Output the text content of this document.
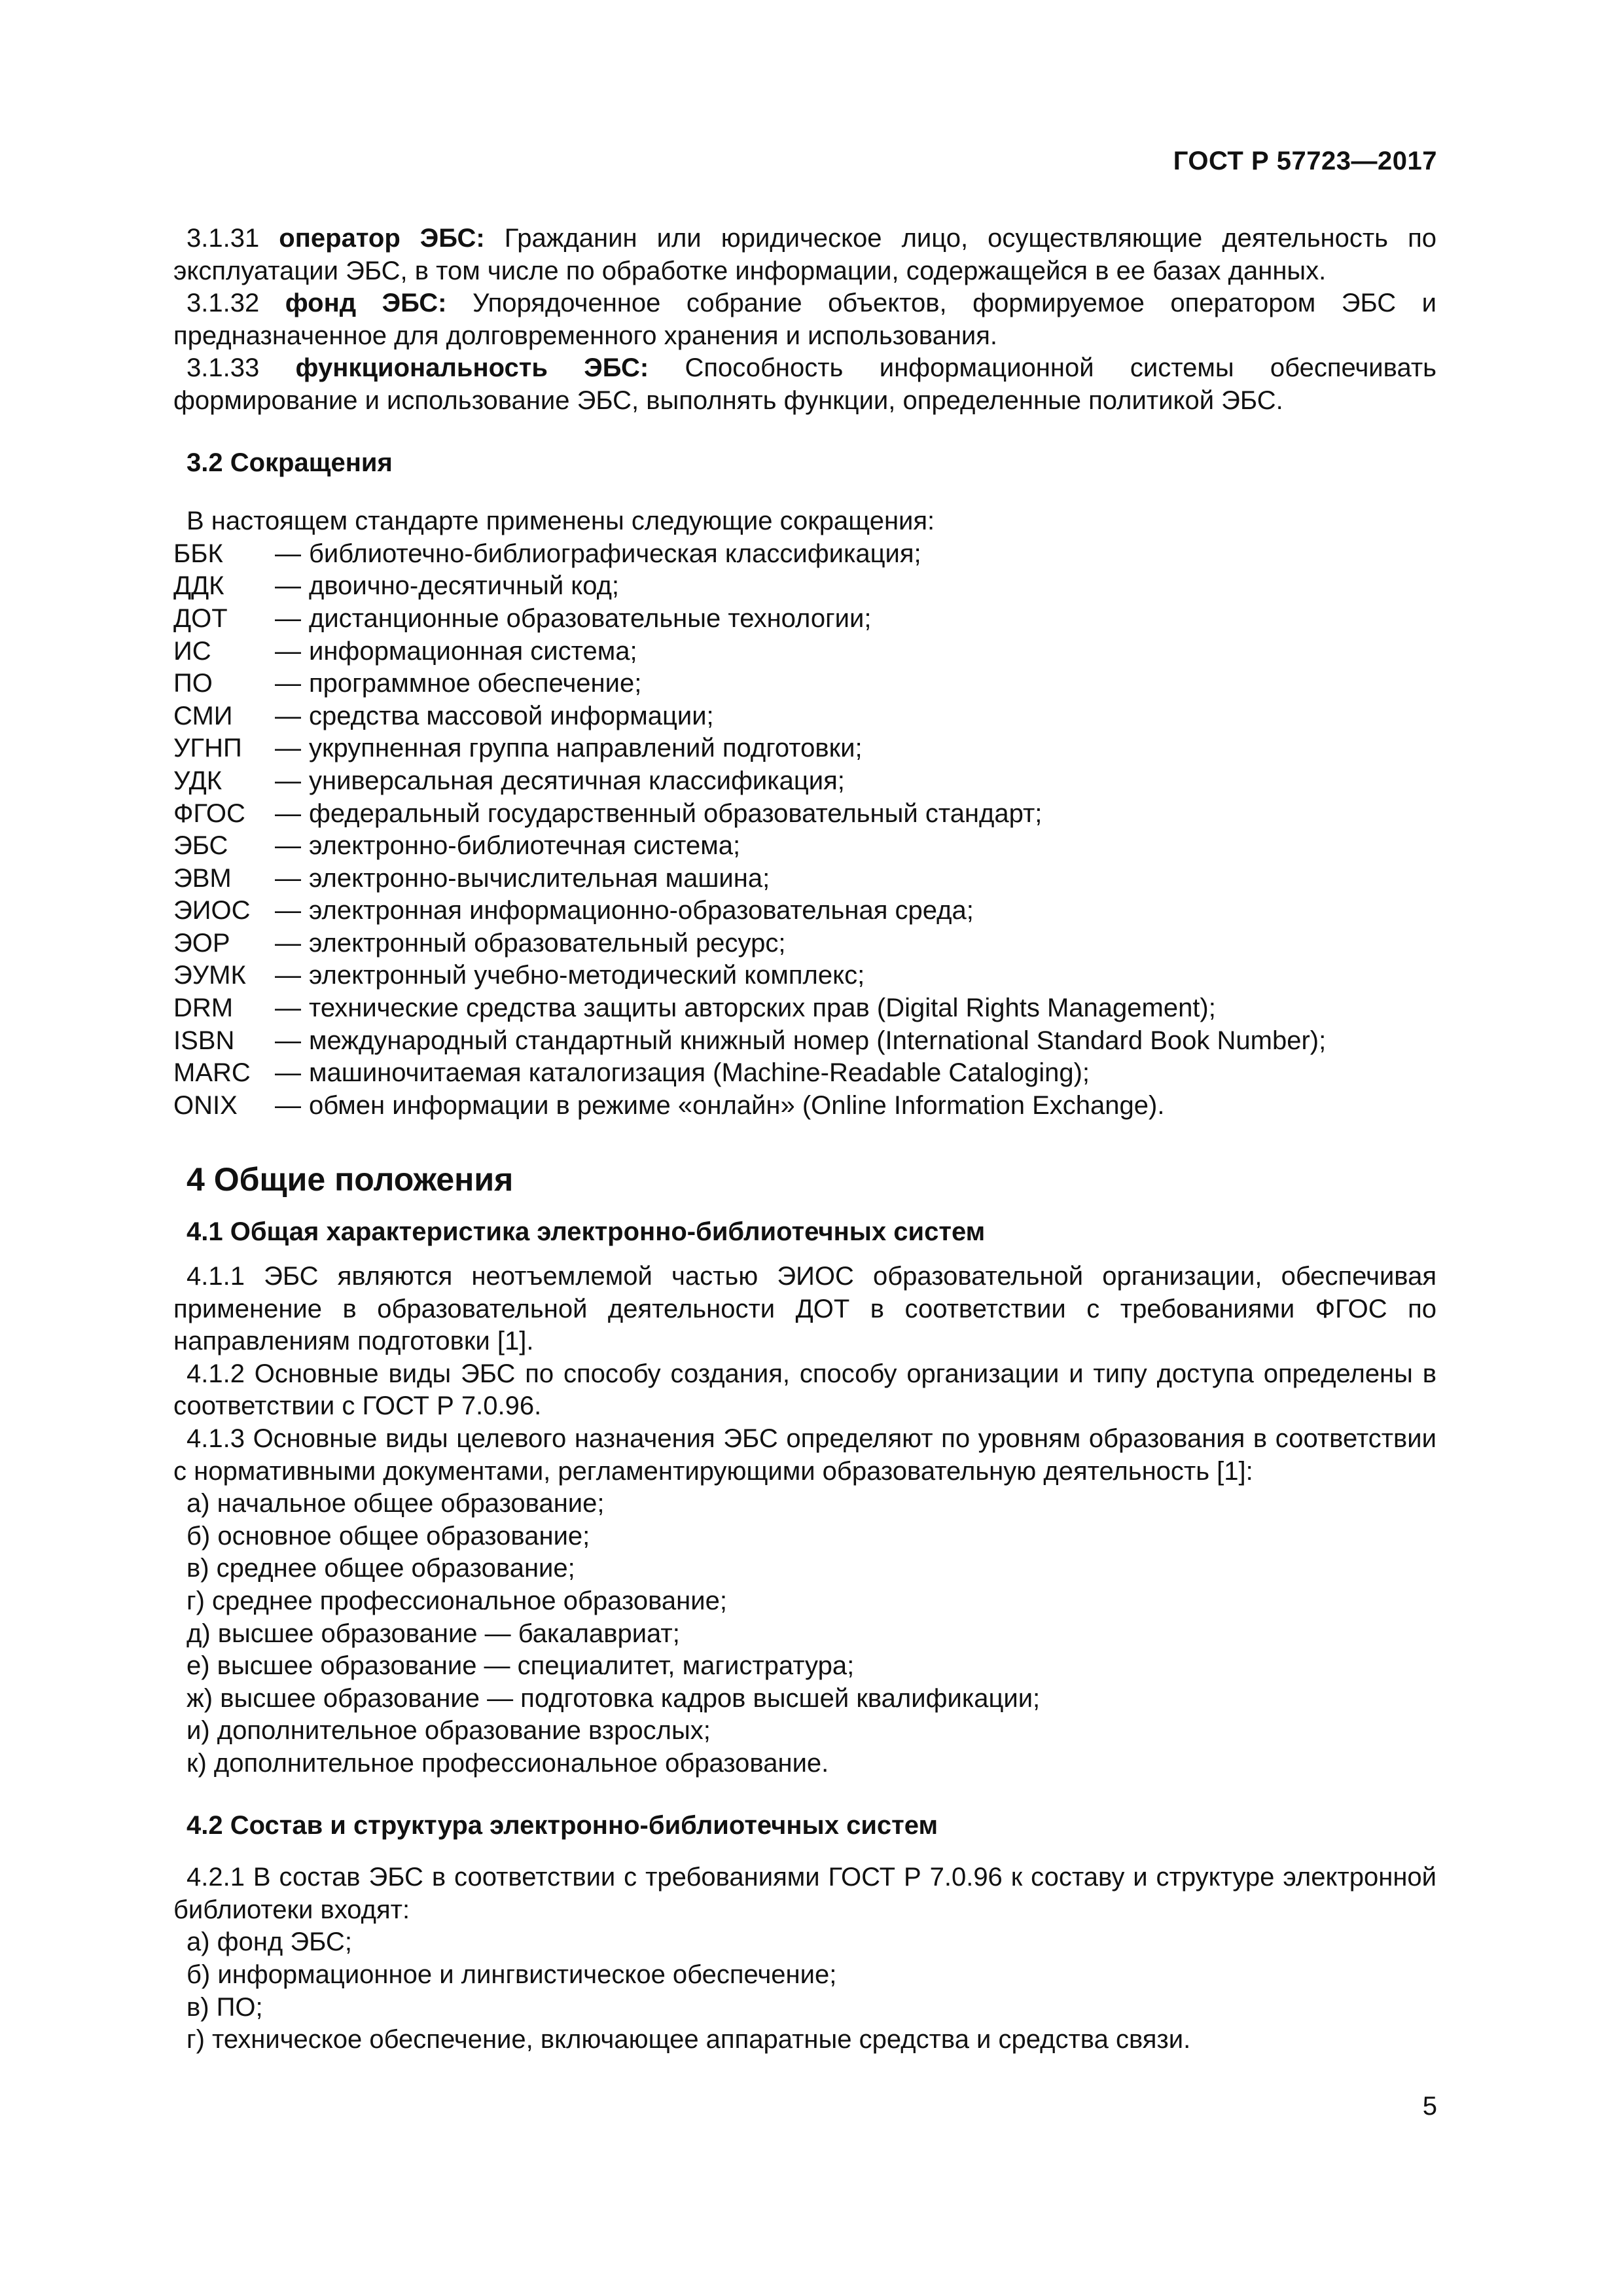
ГОСТ Р 57723—2017

3.1.31 оператор ЭБС: Гражданин или юридическое лицо, осуществляющие деятельность по эксплуатации ЭБС, в том числе по обработке информации, содержащейся в ее базах данных.

3.1.32 фонд ЭБС: Упорядоченное собрание объектов, формируемое оператором ЭБС и предназначенное для долговременного хранения и использования.

3.1.33 функциональность ЭБС: Способность информационной системы обеспечивать формирование и использование ЭБС, выполнять функции, определенные политикой ЭБС.

3.2 Сокращения

В настоящем стандарте применены следующие сокращения:

ББК	— библиотечно-библиографическая классификация;
ДДК	— двоично-десятичный код;
ДОТ	— дистанционные образовательные технологии;
ИС	— информационная система;
ПО	— программное обеспечение;
СМИ	— средства массовой информации;
УГНП	— укрупненная группа направлений подготовки;
УДК	— универсальная десятичная классификация;
ФГОС	— федеральный государственный образовательный стандарт;
ЭБС	— электронно-библиотечная система;
ЭВМ	— электронно-вычислительная машина;
ЭИОС — электронная информационно-образовательная среда;
ЭОР	— электронный образовательный ресурс;
ЭУМК	— электронный учебно-методический комплекс;
DRM	— технические средства защиты авторских прав (Digital Rights Management);
ISBN	— международный стандартный книжный номер (International Standard Book Number);
MARC — машиночитаемая каталогизация (Machine-Readable Cataloging);
ONIX	— обмен информации в режиме «онлайн» (Online Information Exchange).
4 Общие положения
4.1 Общая характеристика электронно-библиотечных систем

4.1.1 ЭБС являются неотъемлемой частью ЭИОС образовательной организации, обеспечивая применение в образовательной деятельности ДОТ в соответствии с требованиями ФГОС по направлениям подготовки [1].

4.1.2 Основные виды ЭБС по способу создания, способу организации и типу доступа определены в соответствии с ГОСТ Р 7.0.96.

4.1.3 Основные виды целевого назначения ЭБС определяют по уровням образования в соответствии с нормативными документами, регламентирующими образовательную деятельность [1]:

а) начальное общее образование;

б) основное общее образование;

в) среднее общее образование;

г) среднее профессиональное образование;

д) высшее образование — бакалавриат;

е) высшее образование — специалитет, магистратура;

ж) высшее образование — подготовка кадров высшей квалификации;

и) дополнительное образование взрослых;

к) дополнительное профессиональное образование.

4.2 Состав и структура электронно-библиотечных систем

4.2.1 В состав ЭБС в соответствии с требованиями ГОСТ Р 7.0.96 к составу и структуре электронной библиотеки входят:

а) фонд ЭБС;

б) информационное и лингвистическое обеспечение;

в) ПО;

г) техническое обеспечение, включающее аппаратные средства и средства связи.

5
